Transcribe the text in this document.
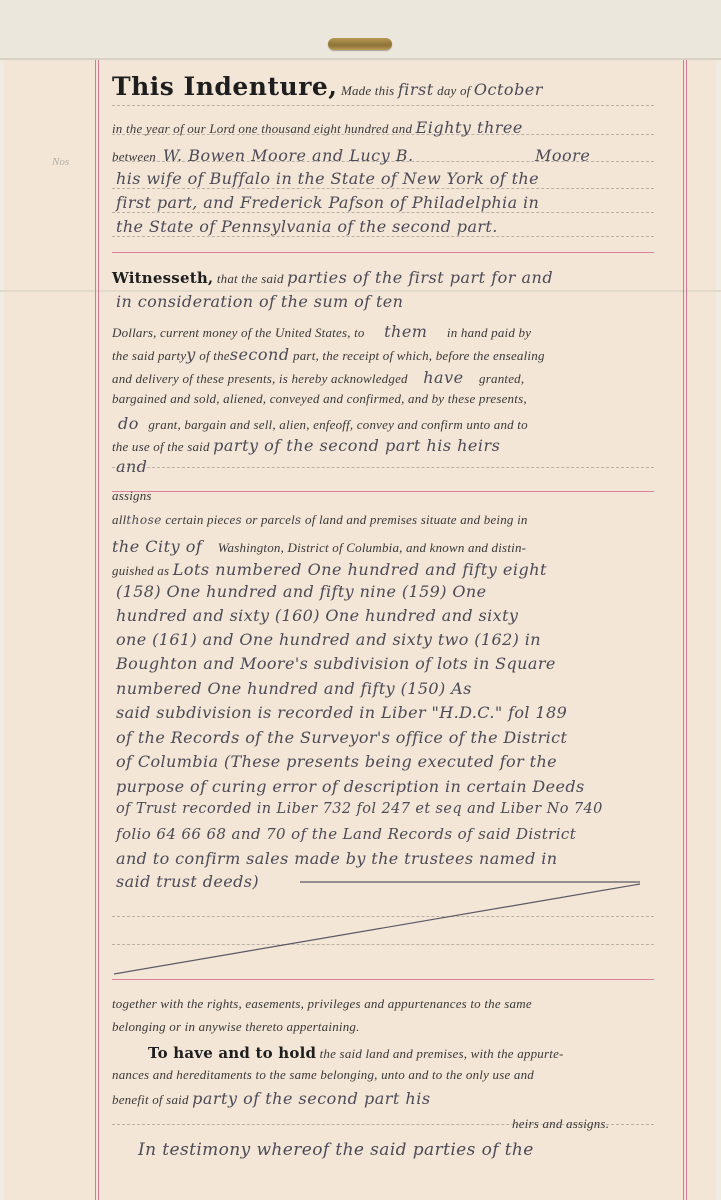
Nos
This Indenture, Made this first day of October
in the year of our Lord one thousand eight hundred and Eighty three
between W. Bowen Moore and Lucy B.	Moore
his wife of Buffalo in the State of New York of the
first part, and Frederick Pafson of Philadelphia in
the State of Pennsylvania of the second part.
Witnesseth, that the said parties of the first part for and
in consideration of the sum of ten
Dollars, current money of the United States, to them in hand paid by
the said partyy of thesecond part, the receipt of which, before the ensealing
and delivery of these presents, is hereby acknowledged have granted,
bargained and sold, aliened, conveyed and confirmed, and by these presents,
do grant, bargain and sell, alien, enfeoff, convey and confirm unto and to
the use of the said party of the second part his heirs
and
assigns
allthose certain pieces or parcels of land and premises situate and being in
the City of Washington, District of Columbia, and known and distin-
guished as Lots numbered One hundred and fifty eight
(158) One hundred and fifty nine (159) One
hundred and sixty (160) One hundred and sixty
one (161) and One hundred and sixty two (162) in
Boughton and Moore's subdivision of lots in Square
numbered One hundred and fifty (150) As
said subdivision is recorded in Liber "H.D.C." fol 189
of the Records of the Surveyor's office of the District
of Columbia (These presents being executed for the
purpose of curing error of description in certain Deeds
of Trust recorded in Liber 732 fol 247 et seq and Liber No 740
folio 64 66 68 and 70 of the Land Records of said District
and to confirm sales made by the trustees named in
said trust deeds)
together with the rights, easements, privileges and appurtenances to the same
belonging or in anywise thereto appertaining.
To have and to hold the said land and premises, with the appurte-
nances and hereditaments to the same belonging, unto and to the only use and
benefit of said party of the second part his
heirs and assigns.
In testimony whereof the said parties of the
